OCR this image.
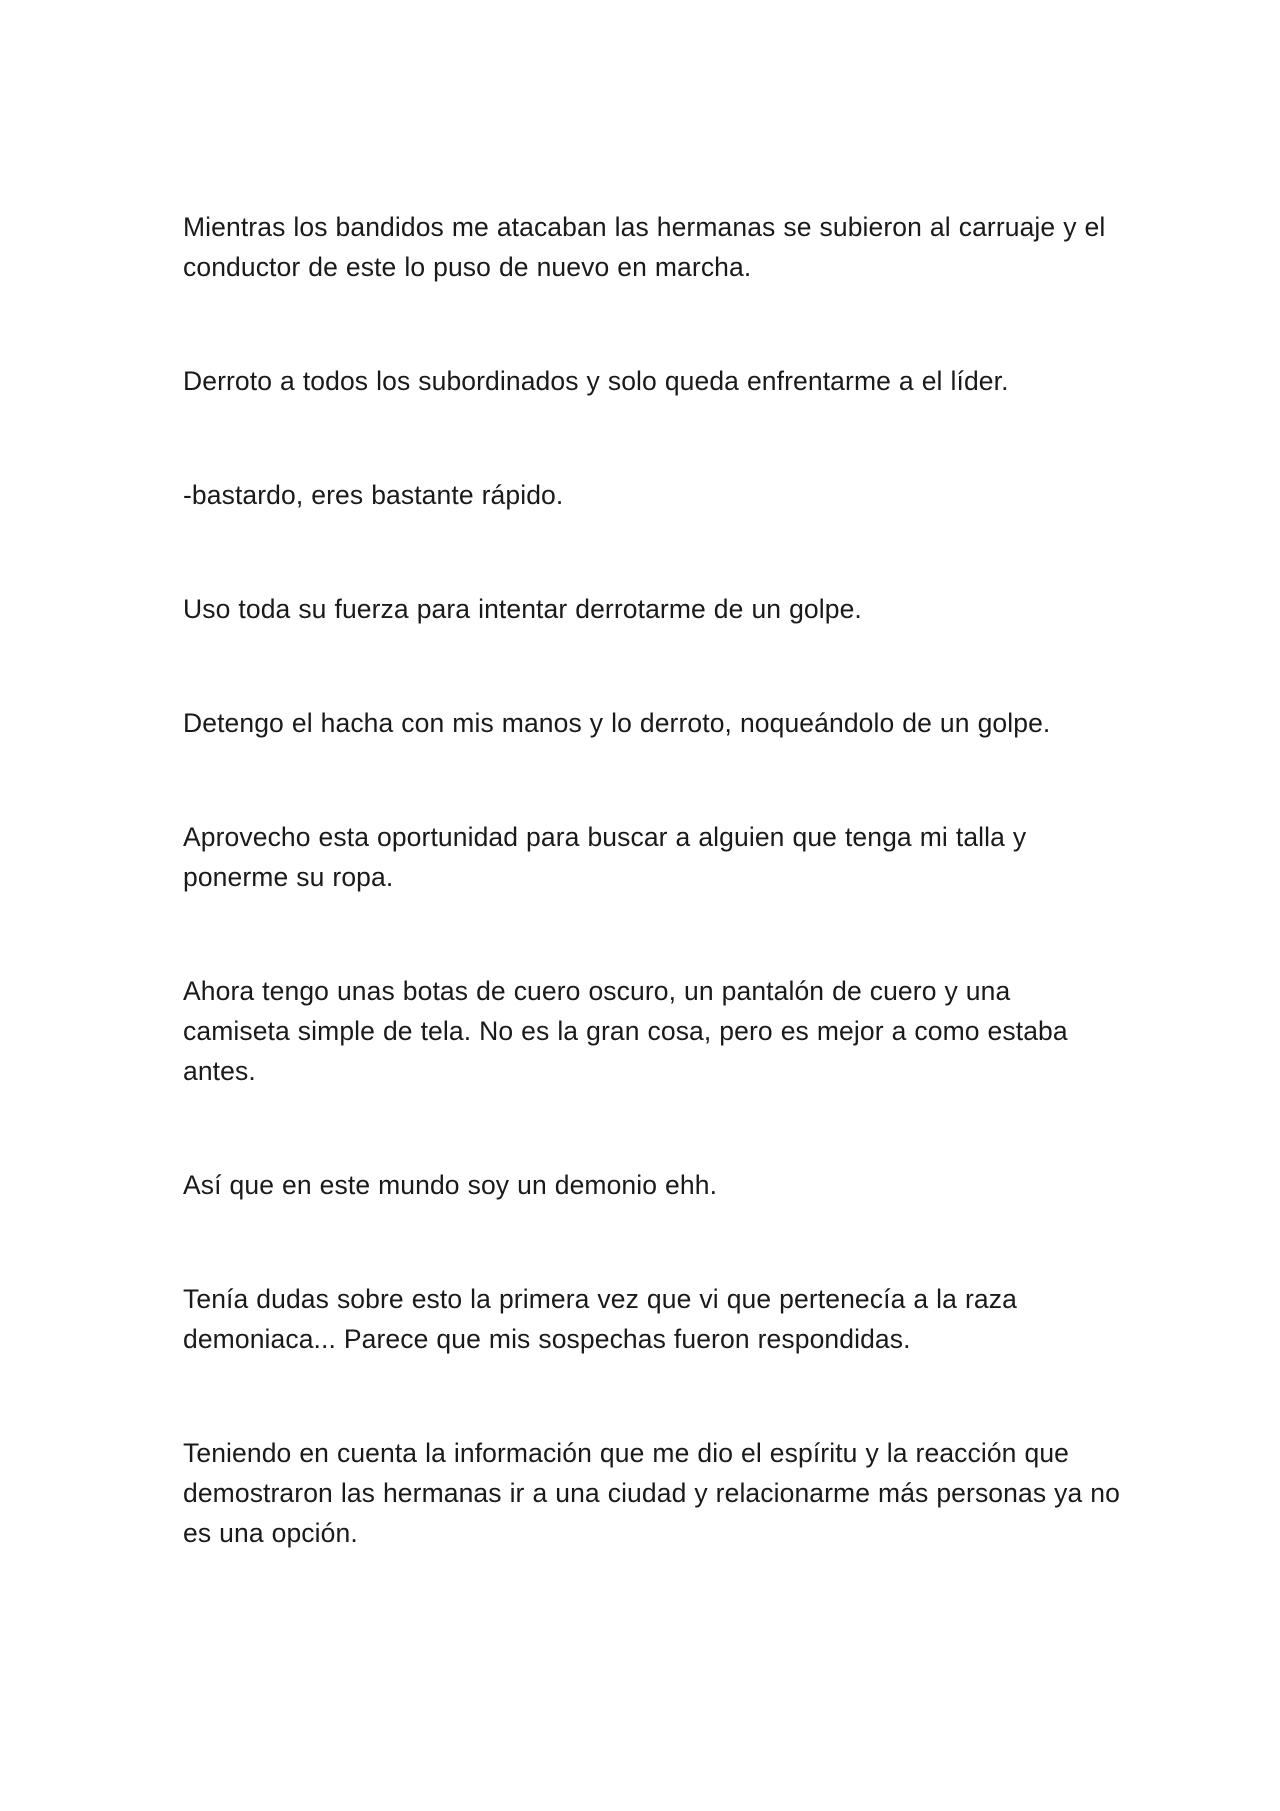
Mientras los bandidos me atacaban las hermanas se subieron al carruaje y el conductor de este lo puso de nuevo en marcha.

Derroto a todos los subordinados y solo queda enfrentarme a el líder.

-bastardo, eres bastante rápido.

Uso toda su fuerza para intentar derrotarme de un golpe.

Detengo el hacha con mis manos y lo derroto, noqueándolo de un golpe.

Aprovecho esta oportunidad para buscar a alguien que tenga mi talla y ponerme su ropa.

Ahora tengo unas botas de cuero oscuro, un pantalón de cuero y una camiseta simple de tela. No es la gran cosa, pero es mejor a como estaba antes.

Así que en este mundo soy un demonio ehh.

Tenía dudas sobre esto la primera vez que vi que pertenecía a la raza demoniaca... Parece que mis sospechas fueron respondidas.

Teniendo en cuenta la información que me dio el espíritu y la reacción que demostraron las hermanas ir a una ciudad y relacionarme más personas ya no es una opción.
